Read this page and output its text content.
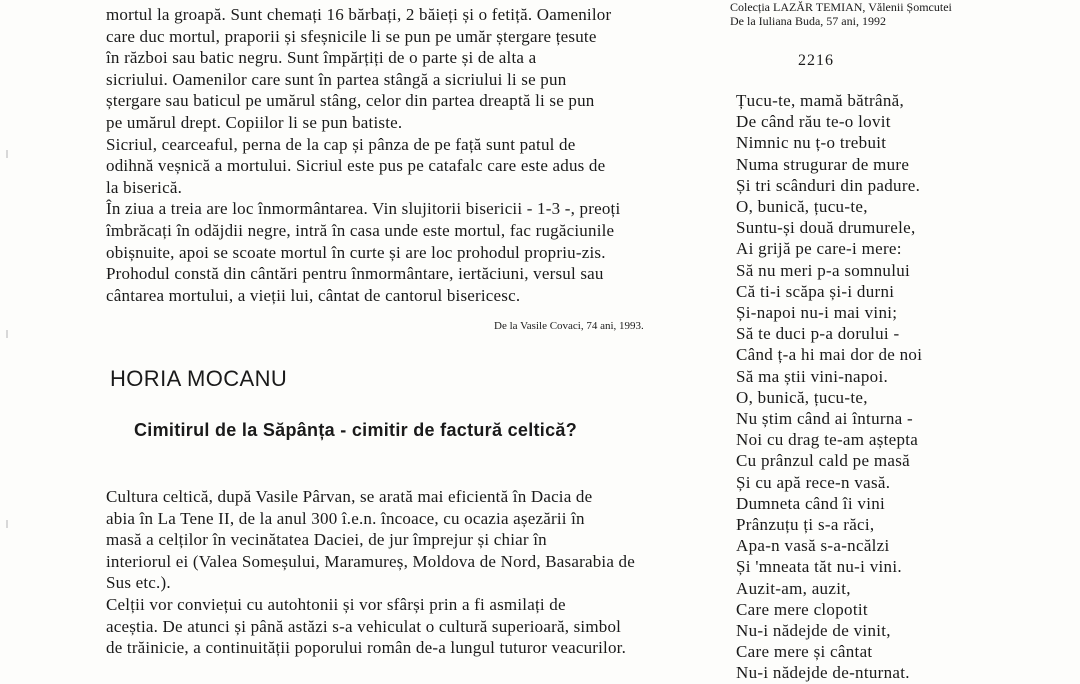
mortul la groapă. Sunt chemați 16 bărbați, 2 băieți și o fetiță. Oamenilor
care duc mortul, praporii și sfeșnicile li se pun pe umăr ștergare țesute
în război sau batic negru. Sunt împărțiți de o parte și de alta a
sicriului. Oamenilor care sunt în partea stângă a sicriului li se pun
ștergare sau baticul pe umărul stâng, celor din partea dreaptă li se pun
pe umărul drept. Copiilor li se pun batiste.
Sicriul, cearceaful, perna de la cap și pânza de pe față sunt patul de
odihnă veșnică a mortului. Sicriul este pus pe catafalc care este adus de
la biserică.
În ziua a treia are loc înmormântarea. Vin slujitorii bisericii - 1-3 -, preoți
îmbrăcați în odăjdii negre, intră în casa unde este mortul, fac rugăciunile
obișnuite, apoi se scoate mortul în curte și are loc prohodul propriu-zis.
Prohodul constă din cântări pentru înmormântare, iertăciuni, versul sau
cântarea mortului, a vieții lui, cântat de cantorul bisericesc.
De la Vasile Covaci, 74 ani, 1993.
HORIA MOCANU
Cimitirul de la Săpânța - cimitir de factură celtică?
Cultura celtică, după Vasile Pârvan, se arată mai eficientă în Dacia de
abia în La Tene II, de la anul 300 î.e.n. încoace, cu ocazia așezării în
masă a celților în vecinătatea Daciei, de jur împrejur și chiar în
interiorul ei (Valea Someșului, Maramureș, Moldova de Nord, Basarabia de
Sus etc.).
Celții vor conviețui cu autohtonii și vor sfârși prin a fi asmilați de
aceștia. De atunci și până astăzi s-a vehiculat o cultură superioară, simbol
de trăinicie, a continuității poporului român de-a lungul tuturor veacurilor.
Colecția LAZĂR TEMIAN, Vălenii Șomcutei
De la Iuliana Buda, 57 ani, 1992
2216
Țucu-te, mamă bătrână,
De când rău te-o lovit
Nimnic nu ț-o trebuit
Numa strugurar de mure
Și tri scânduri din padure.
O, bunică, țucu-te,
Suntu-și două drumurele,
Ai grijă pe care-i mere:
Să nu meri p-a somnului
Că ti-i scăpa și-i durni
Și-napoi nu-i mai vini;
Să te duci p-a dorului -
Când ț-a hi mai dor de noi
Să ma știi vini-napoi.
O, bunică, țucu-te,
Nu știm când ai înturna -
Noi cu drag te-am aștepta
Cu prânzul cald pe masă
Și cu apă rece-n vasă.
Dumneta când îi vini
Prânzuțu ți s-a răci,
Apa-n vasă s-a-ncălzi
Și 'mneata tăt nu-i vini.
Auzit-am, auzit,
Care mere clopotit
Nu-i nădejde de vinit,
Care mere și cântat
Nu-i nădejde de-nturnat.
